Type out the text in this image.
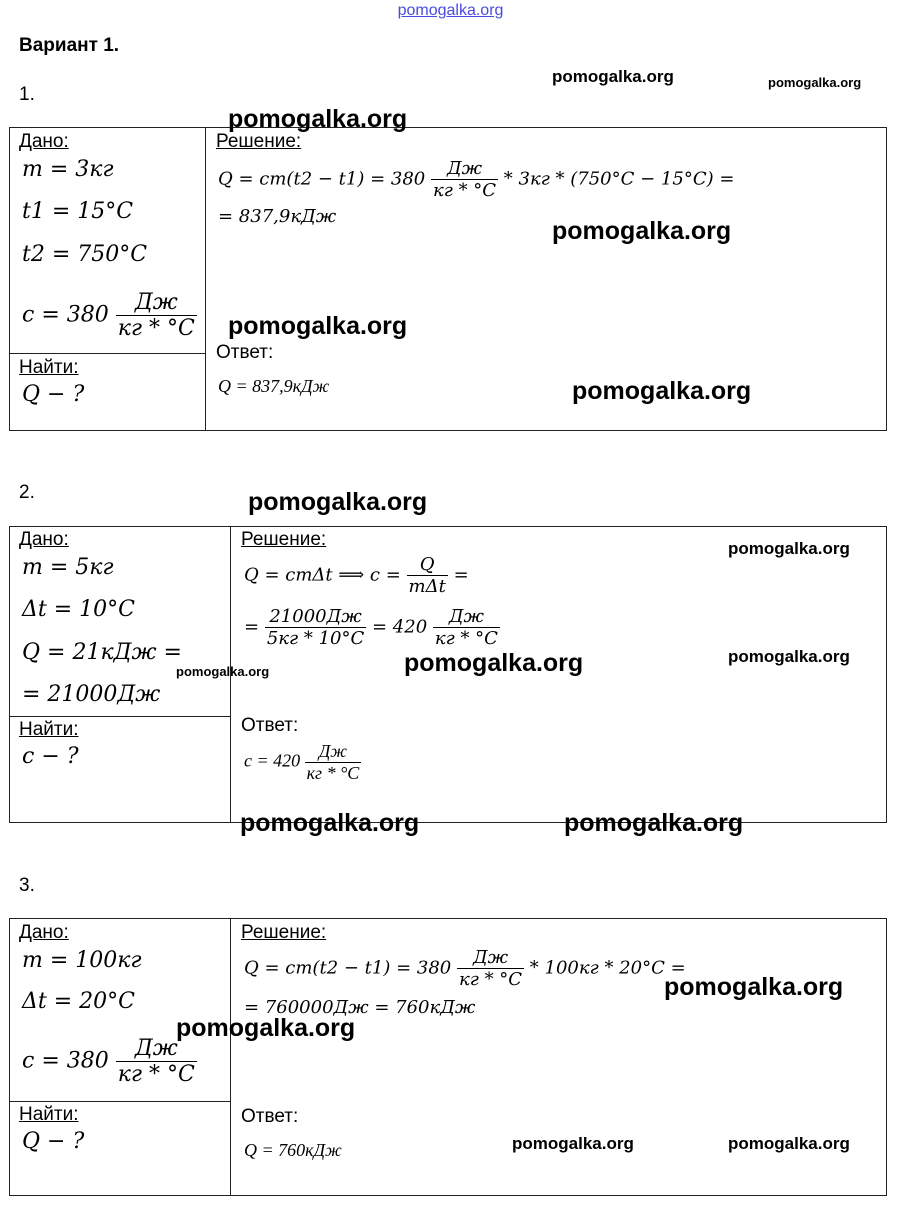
pomogalka.org
Вариант 1.
1.
Дано:
m = 3кг
t1 = 15°C
t2 = 750°C
$c = 380 \frac{Дж}{кг * ^\circ C}$
Найти:
Q − ?
Решение:
$Q = cm(t2 - t1) = 380 \frac{Дж}{кг * ^\circ C} * 3кг * (750^\circ C - 15^\circ C)$ =
= 837,9кДж
Ответ:
Q = 837,9кДж
2.
Дано:
m = 5кг
Δt = 10°C
Q = 21кДж =
= 21000Дж
Найти:
c − ?
Решение:
Q = cmΔt ⟹ $c = \frac{Q}{\text{mΔt}}$ =
= $\frac{21000Дж}{5кг * 10^\circ C} = 420 \frac{Дж}{кг * ^\circ C}$
Ответ:
$c = 420 \frac{Дж}{кг * ^\circ C}$
3.
Дано:
m = 100кг
Δt = 20°C
$c = 380 \frac{Дж}{кг * ^\circ C}$
Найти:
Q − ?
Решение:
$Q = cm(t2 - t1) = 380 \frac{Дж}{кг * ^\circ C} * 100кг * 20^\circ C$ =
= 760000Дж = 760кДж
Ответ:
Q = 760кДж
pomogalka.org	pomogalka.org
pomogalka.org
pomogalka.org
pomogalka.org
pomogalka.org
pomogalka.org
pomogalka.org
pomogalka.org	pomogalka.org
pomogalka.org
pomogalka.org	pomogalka.org
pomogalka.org
pomogalka.org
pomogalka.org	pomogalka.org
